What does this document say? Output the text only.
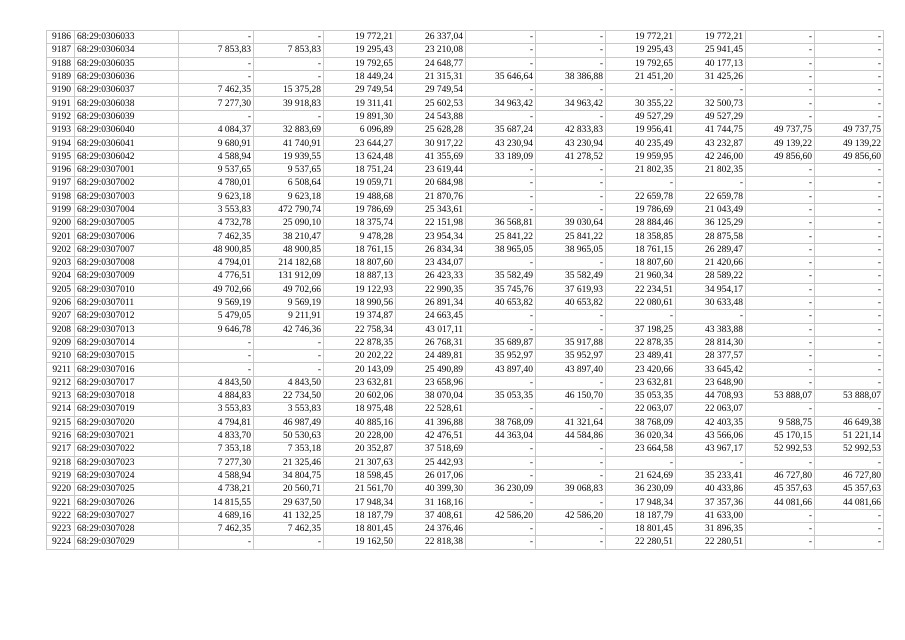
9186	68:29:0306033	-	-	19 772,21	26 337,04	-	-	19 772,21	19 772,21	-	-
9187	68:29:0306034	7 853,83	7 853,83	19 295,43	23 210,08	-	-	19 295,43	25 941,45	-	-
9188	68:29:0306035	-	-	19 792,65	24 648,77	-	-	19 792,65	40 177,13	-	-
9189	68:29:0306036	-	-	18 449,24	21 315,31	35 646,64	38 386,88	21 451,20	31 425,26	-	-
9190	68:29:0306037	7 462,35	15 375,28	29 749,54	29 749,54	-	-	-	-	-	-
9191	68:29:0306038	7 277,30	39 918,83	19 311,41	25 602,53	34 963,42	34 963,42	30 355,22	32 500,73	-	-
9192	68:29:0306039	-	-	19 891,30	24 543,88	-	-	49 527,29	49 527,29	-	-
9193	68:29:0306040	4 084,37	32 883,69	6 096,89	25 628,28	35 687,24	42 833,83	19 956,41	41 744,75	49 737,75	49 737,75
9194	68:29:0306041	9 680,91	41 740,91	23 644,27	30 917,22	43 230,94	43 230,94	40 235,49	43 232,87	49 139,22	49 139,22
9195	68:29:0306042	4 588,94	19 939,55	13 624,48	41 355,69	33 189,09	41 278,52	19 959,95	42 246,00	49 856,60	49 856,60
9196	68:29:0307001	9 537,65	9 537,65	18 751,24	23 619,44	-	-	21 802,35	21 802,35	-	-
9197	68:29:0307002	4 780,01	6 508,64	19 059,71	20 684,98	-	-	-	-	-	-
9198	68:29:0307003	9 623,18	9 623,18	19 488,68	21 870,76	-	-	22 659,78	22 659,78	-	-
9199	68:29:0307004	3 553,83	472 790,74	19 786,69	25 343,61	-	-	19 786,69	21 043,49	-	-
9200	68:29:0307005	4 732,78	25 090,10	18 375,74	22 151,98	36 568,81	39 030,64	28 884,46	36 125,29	-	-
9201	68:29:0307006	7 462,35	38 210,47	9 478,28	23 954,34	25 841,22	25 841,22	18 358,85	28 875,58	-	-
9202	68:29:0307007	48 900,85	48 900,85	18 761,15	26 834,34	38 965,05	38 965,05	18 761,15	26 289,47	-	-
9203	68:29:0307008	4 794,01	214 182,68	18 807,60	23 434,07	-	-	18 807,60	21 420,66	-	-
9204	68:29:0307009	4 776,51	131 912,09	18 887,13	26 423,33	35 582,49	35 582,49	21 960,34	28 589,22	-	-
9205	68:29:0307010	49 702,66	49 702,66	19 122,93	22 990,35	35 745,76	37 619,93	22 234,51	34 954,17	-	-
9206	68:29:0307011	9 569,19	9 569,19	18 990,56	26 891,34	40 653,82	40 653,82	22 080,61	30 633,48	-	-
9207	68:29:0307012	5 479,05	9 211,91	19 374,87	24 663,45	-	-	-	-	-	-
9208	68:29:0307013	9 646,78	42 746,36	22 758,34	43 017,11	-	-	37 198,25	43 383,88	-	-
9209	68:29:0307014	-	-	22 878,35	26 768,31	35 689,87	35 917,88	22 878,35	28 814,30	-	-
9210	68:29:0307015	-	-	20 202,22	24 489,81	35 952,97	35 952,97	23 489,41	28 377,57	-	-
9211	68:29:0307016	-	-	20 143,09	25 490,89	43 897,40	43 897,40	23 420,66	33 645,42	-	-
9212	68:29:0307017	4 843,50	4 843,50	23 632,81	23 658,96	-	-	23 632,81	23 648,90	-	-
9213	68:29:0307018	4 884,83	22 734,50	20 602,06	38 070,04	35 053,35	46 150,70	35 053,35	44 708,93	53 888,07	53 888,07
9214	68:29:0307019	3 553,83	3 553,83	18 975,48	22 528,61	-	-	22 063,07	22 063,07	-	-
9215	68:29:0307020	4 794,81	46 987,49	40 885,16	41 396,88	38 768,09	41 321,64	38 768,09	42 403,35	9 588,75	46 649,38
9216	68:29:0307021	4 833,70	50 530,63	20 228,00	42 476,51	44 363,04	44 584,86	36 020,34	43 566,06	45 170,15	51 221,14
9217	68:29:0307022	7 353,18	7 353,18	20 352,87	37 518,69	-	-	23 664,58	43 967,17	52 992,53	52 992,53
9218	68:29:0307023	7 277,30	21 325,46	21 307,63	25 442,93	-	-	-	-	-	-
9219	68:29:0307024	4 588,94	34 804,75	18 598,45	26 017,06	-	-	21 624,69	35 233,41	46 727,80	46 727,80
9220	68:29:0307025	4 738,21	20 560,71	21 561,70	40 399,30	36 230,09	39 068,83	36 230,09	40 433,86	45 357,63	45 357,63
9221	68:29:0307026	14 815,55	29 637,50	17 948,34	31 168,16	-	-	17 948,34	37 357,36	44 081,66	44 081,66
9222	68:29:0307027	4 689,16	41 132,25	18 187,79	37 408,61	42 586,20	42 586,20	18 187,79	41 633,00	-	-
9223	68:29:0307028	7 462,35	7 462,35	18 801,45	24 376,46	-	-	18 801,45	31 896,35	-	-
9224	68:29:0307029	-	-	19 162,50	22 818,38	-	-	22 280,51	22 280,51	-	-
